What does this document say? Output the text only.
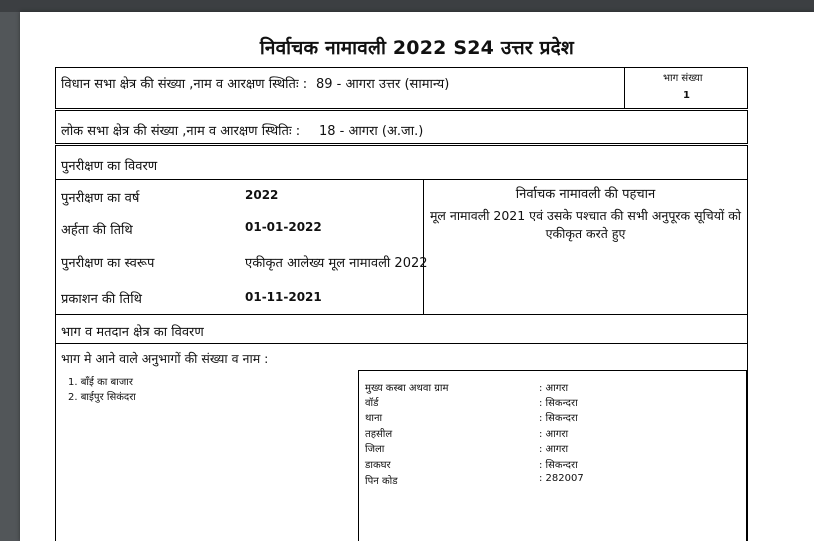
निर्वाचक नामावली 2022 S24 उत्तर प्रदेश
विधान सभा क्षेत्र की संख्या ,नाम व आरक्षण स्थितिः : 89 - आगरा उत्तर (सामान्य)	भाग संख्या
1
लोक सभा क्षेत्र की संख्या ,नाम व आरक्षण स्थितिः : 18 - आगरा (अ.जा.)
पुनरीक्षण का विवरण
पुनरीक्षण का वर्ष	2022
अर्हता की तिथि	01-01-2022
पुनरीक्षण का स्वरूप	एकीकृत आलेख्य मूल नामावली 2022
प्रकाशन की तिथि	01-11-2021
निर्वाचक नामावली की पहचान
मूल नामावली 2021 एवं उसके पश्चात की सभी अनुपूरक सूचियों को
एकीकृत करते हुए
भाग व मतदान क्षेत्र का विवरण
भाग मे आने वाले अनुभागों की संख्या व नाम :
1. बाँई का बाजार
2. बाईपुर सिकंदरा
मुख्य कस्बा अथवा ग्राम	: आगरा
वॉर्ड	: सिकन्दरा
थाना	: सिकन्दरा
तहसील	: आगरा
जिला	: आगरा
डाकघर	: सिकन्दरा
पिन कोड	: 282007
